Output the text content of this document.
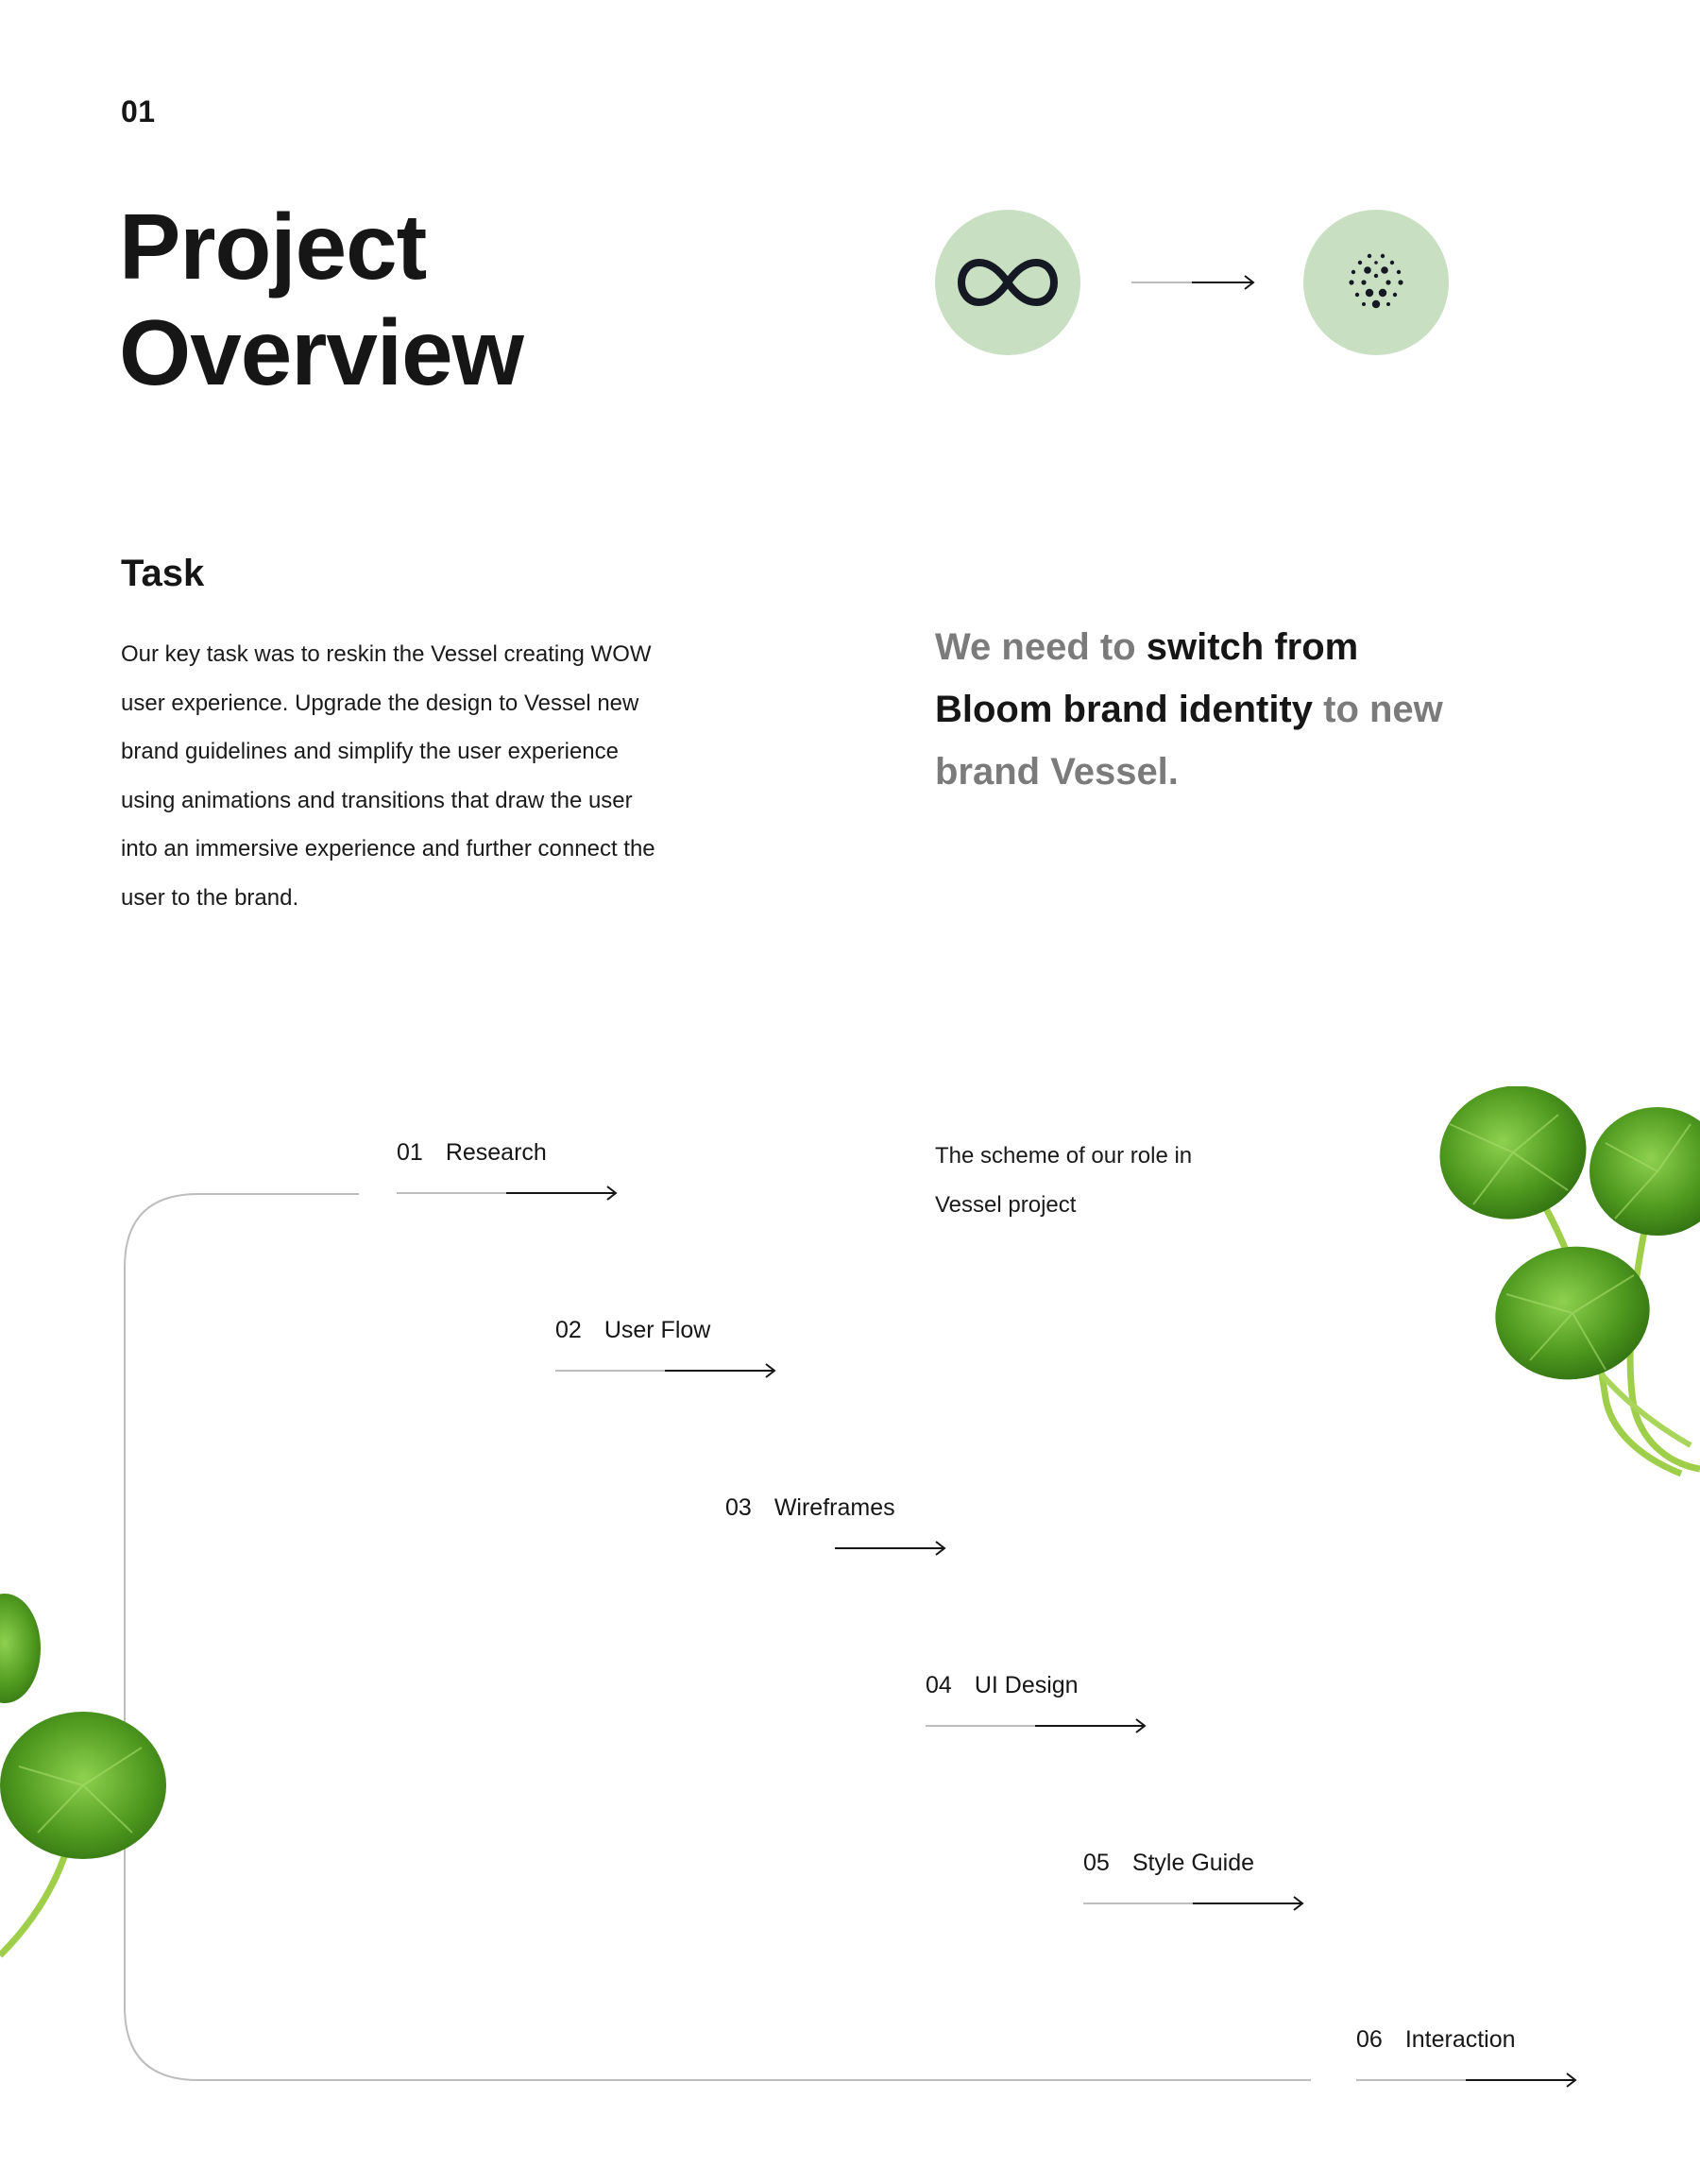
01
Project
Overview
Task

Our key task was to reskin the Vessel creating WOW user experience. Upgrade the design to Vessel new brand guidelines and simplify the user experience using animations and transitions that draw the user into an immersive experience and further connect the user to the brand.

We need to switch from Bloom brand identity to new brand Vessel.

The scheme of our role in Vessel project
01 Research
02 User Flow
03 Wireframes
04 UI Design
05 Style Guide
06 Interaction
